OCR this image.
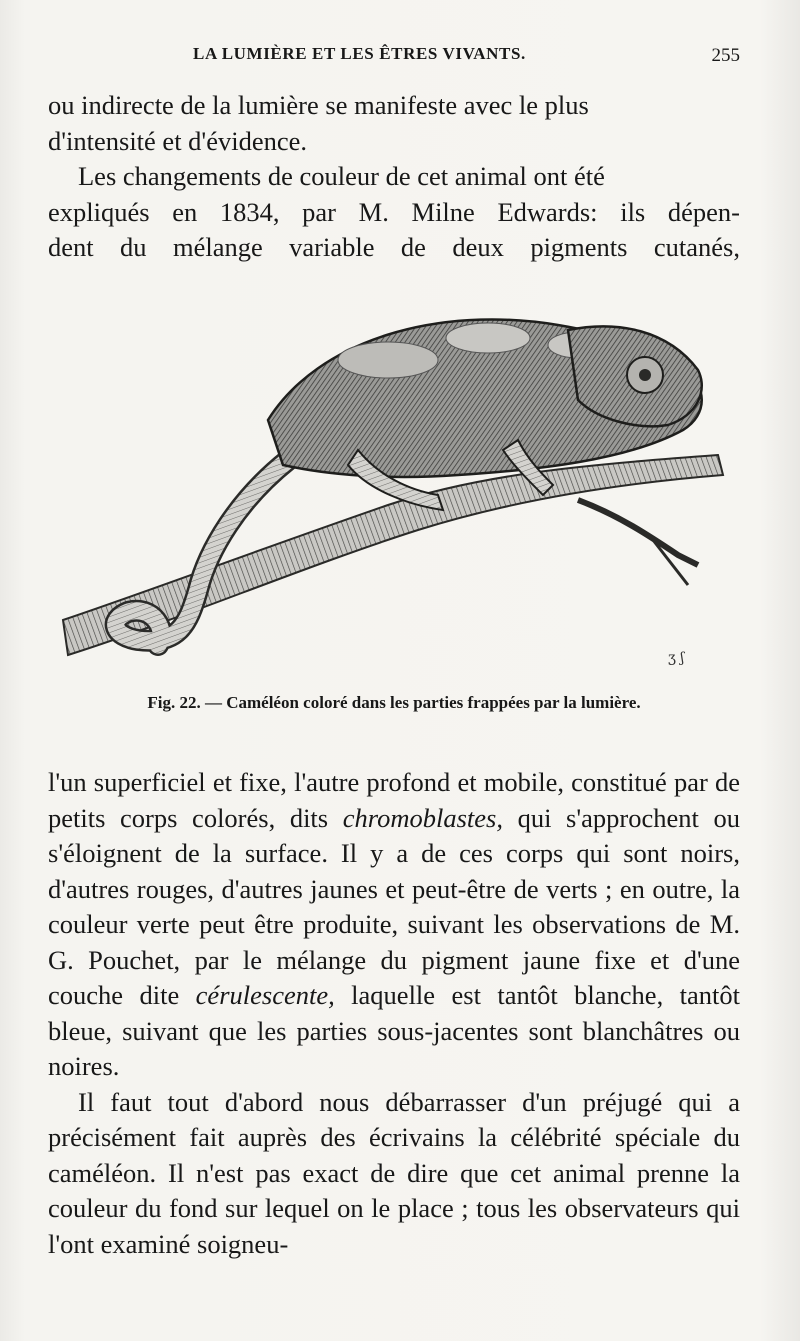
LA LUMIÈRE ET LES ÊTRES VIVANTS.	255

ou indirecte de la lumière se manifeste avec le plus

d'intensité et d'évidence.

Les changements de couleur de cet animal ont été

expliqués en 1834, par M. Milne Edwards: ils dépen-

dent du mélange variable de deux pigments cutanés,

ʒ ʃ
Fig. 22. — Caméléon coloré dans les parties frappées par la lumière.

l'un superficiel et fixe, l'autre profond et mobile, constitué par de petits corps colorés, dits chromoblastes, qui s'approchent ou s'éloignent de la surface. Il y a de ces corps qui sont noirs, d'autres rouges, d'autres jaunes et peut-être de verts ; en outre, la couleur verte peut être produite, suivant les observations de M. G. Pouchet, par le mélange du pigment jaune fixe et d'une couche dite cérulescente, laquelle est tantôt blanche, tantôt bleue, suivant que les parties sous-jacentes sont blanchâtres ou noires.

Il faut tout d'abord nous débarrasser d'un préjugé qui a précisément fait auprès des écrivains la célébrité spéciale du caméléon. Il n'est pas exact de dire que cet animal prenne la couleur du fond sur lequel on le place ; tous les observateurs qui l'ont examiné soigneu-
